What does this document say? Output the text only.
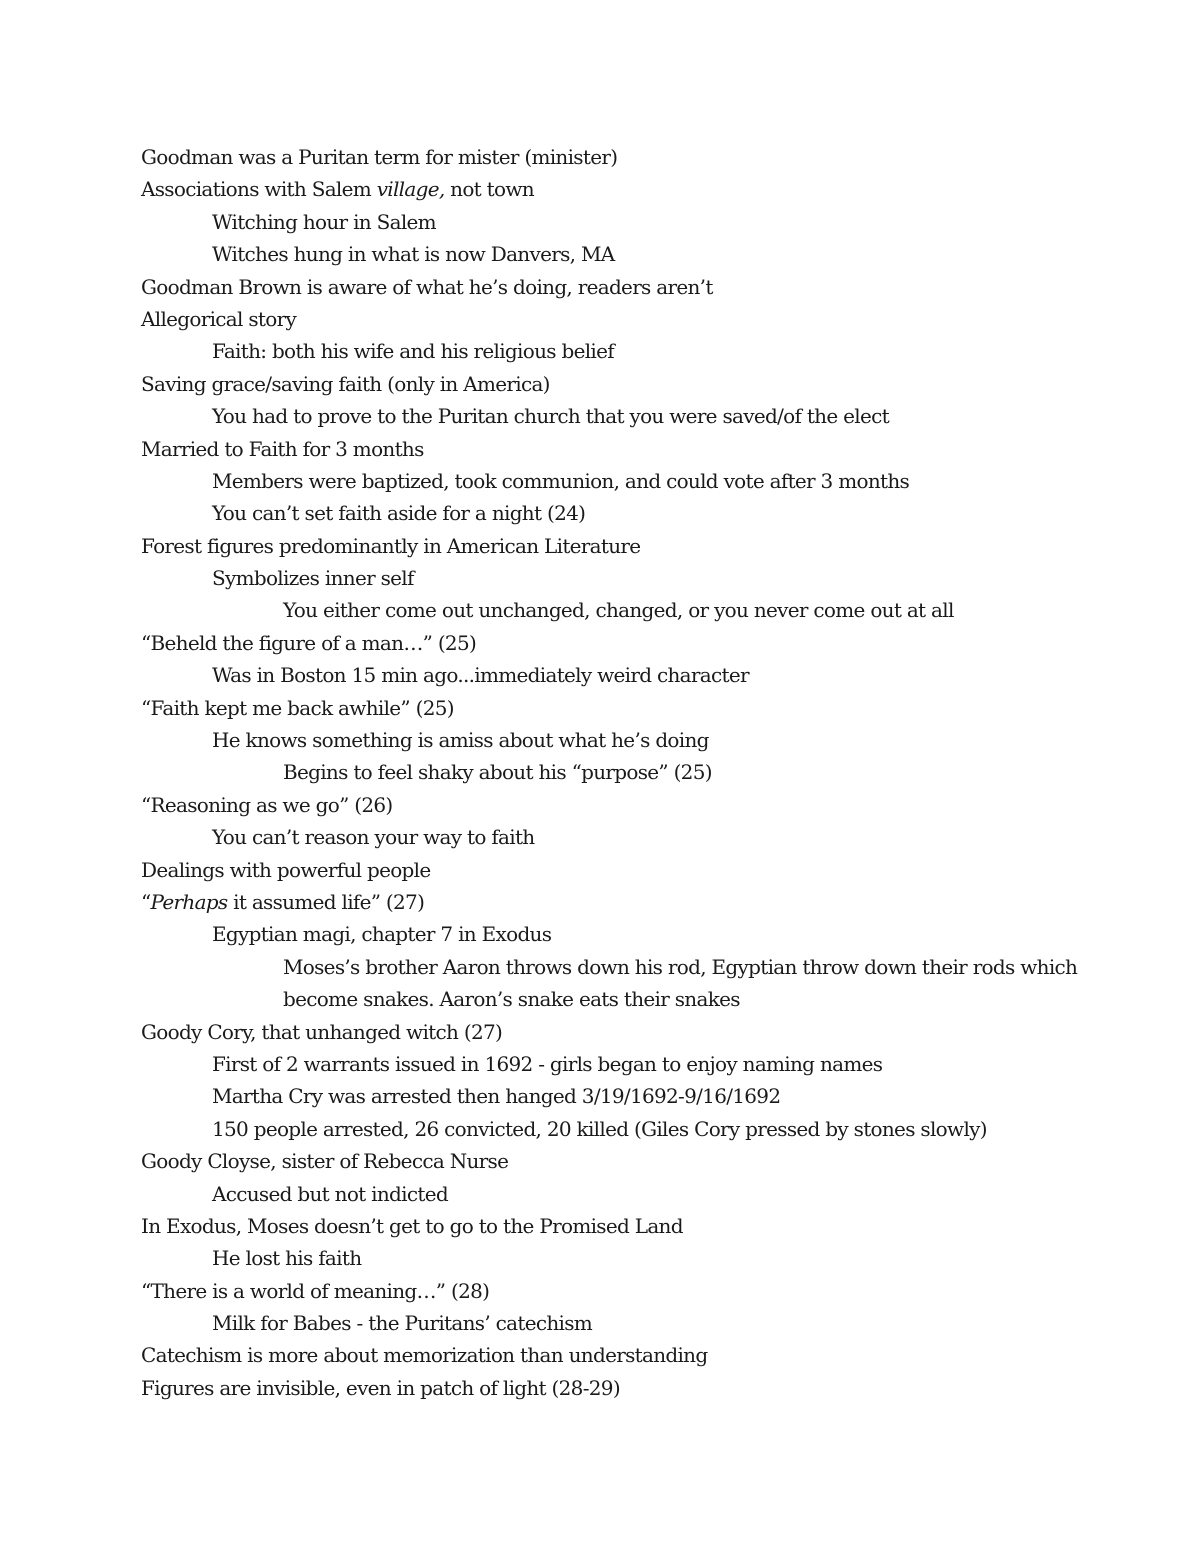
Goodman was a Puritan term for mister (minister)
Associations with Salem village, not town
Witching hour in Salem
Witches hung in what is now Danvers, MA
Goodman Brown is aware of what he’s doing, readers aren’t
Allegorical story
Faith: both his wife and his religious belief
Saving grace/saving faith (only in America)
You had to prove to the Puritan church that you were saved/of the elect
Married to Faith for 3 months
Members were baptized, took communion, and could vote after 3 months
You can’t set faith aside for a night (24)
Forest figures predominantly in American Literature
Symbolizes inner self
You either come out unchanged, changed, or you never come out at all
“Beheld the figure of a man…” (25)
Was in Boston 15 min ago...immediately weird character
“Faith kept me back awhile” (25)
He knows something is amiss about what he’s doing
Begins to feel shaky about his “purpose” (25)
“Reasoning as we go” (26)
You can’t reason your way to faith
Dealings with powerful people
“Perhaps it assumed life” (27)
Egyptian magi, chapter 7 in Exodus
Moses’s brother Aaron throws down his rod, Egyptian throw down their rods which become snakes. Aaron’s snake eats their snakes
Goody Cory, that unhanged witch (27)
First of 2 warrants issued in 1692 - girls began to enjoy naming names
Martha Cry was arrested then hanged 3/19/1692-9/16/1692
150 people arrested, 26 convicted, 20 killed (Giles Cory pressed by stones slowly)
Goody Cloyse, sister of Rebecca Nurse
Accused but not indicted
In Exodus, Moses doesn’t get to go to the Promised Land
He lost his faith
“There is a world of meaning…” (28)
Milk for Babes - the Puritans’ catechism
Catechism is more about memorization than understanding
Figures are invisible, even in patch of light (28-29)
